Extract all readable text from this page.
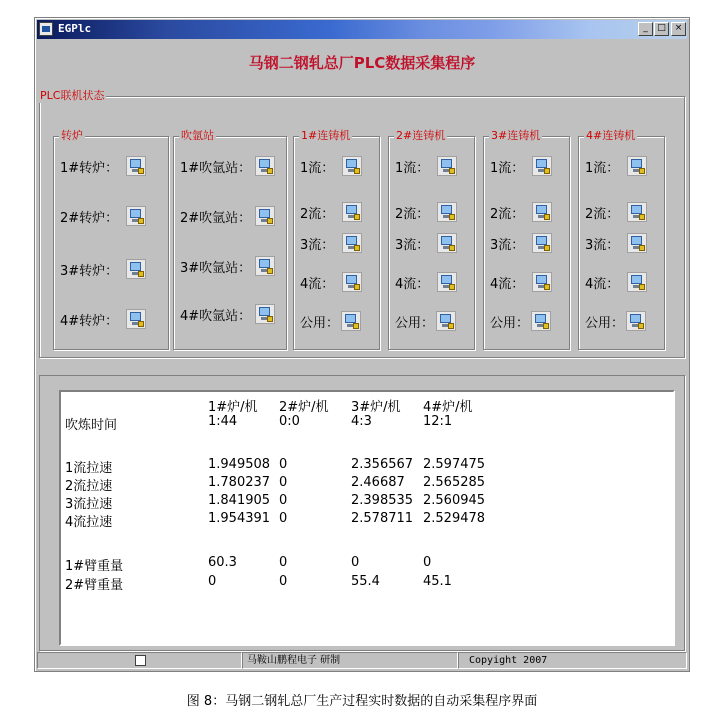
EGPlc	_	□ ×
马钢二钢轧总厂PLC数据采集程序
PLC联机状态
转炉
1#转炉：
2#转炉：
3#转炉：
4#转炉：
吹氩站
1#吹氩站：
2#吹氩站：
3#吹氩站：
4#吹氩站：
1#连铸机
1流：
2流：
3流：
4流：
公用：
2#连铸机
1流：
2流：
3流：
4流：
公用：
3#连铸机
1流：
2流：
3流：
4流：
公用：
4#连铸机
1流：
2流：
3流：
4流：
公用：
1#炉/机 2#炉/机 3#炉/机 4#炉/机
吹炼时间	1:44	0:0	4:3	12:1
1流拉速	1.949508 0	2.356567 2.597475
2流拉速	1.780237 0	2.46687 2.565285
3流拉速	1.841905 0	2.398535 2.560945
4流拉速	1.954391 0	2.578711 2.529478
1#臂重量	60.3	0	0	0
2#臂重量	0	0	55.4	45.1
马鞍山鹏程电子 研制	Copyight 2007
图 8：马钢二钢轧总厂生产过程实时数据的自动采集程序界面
